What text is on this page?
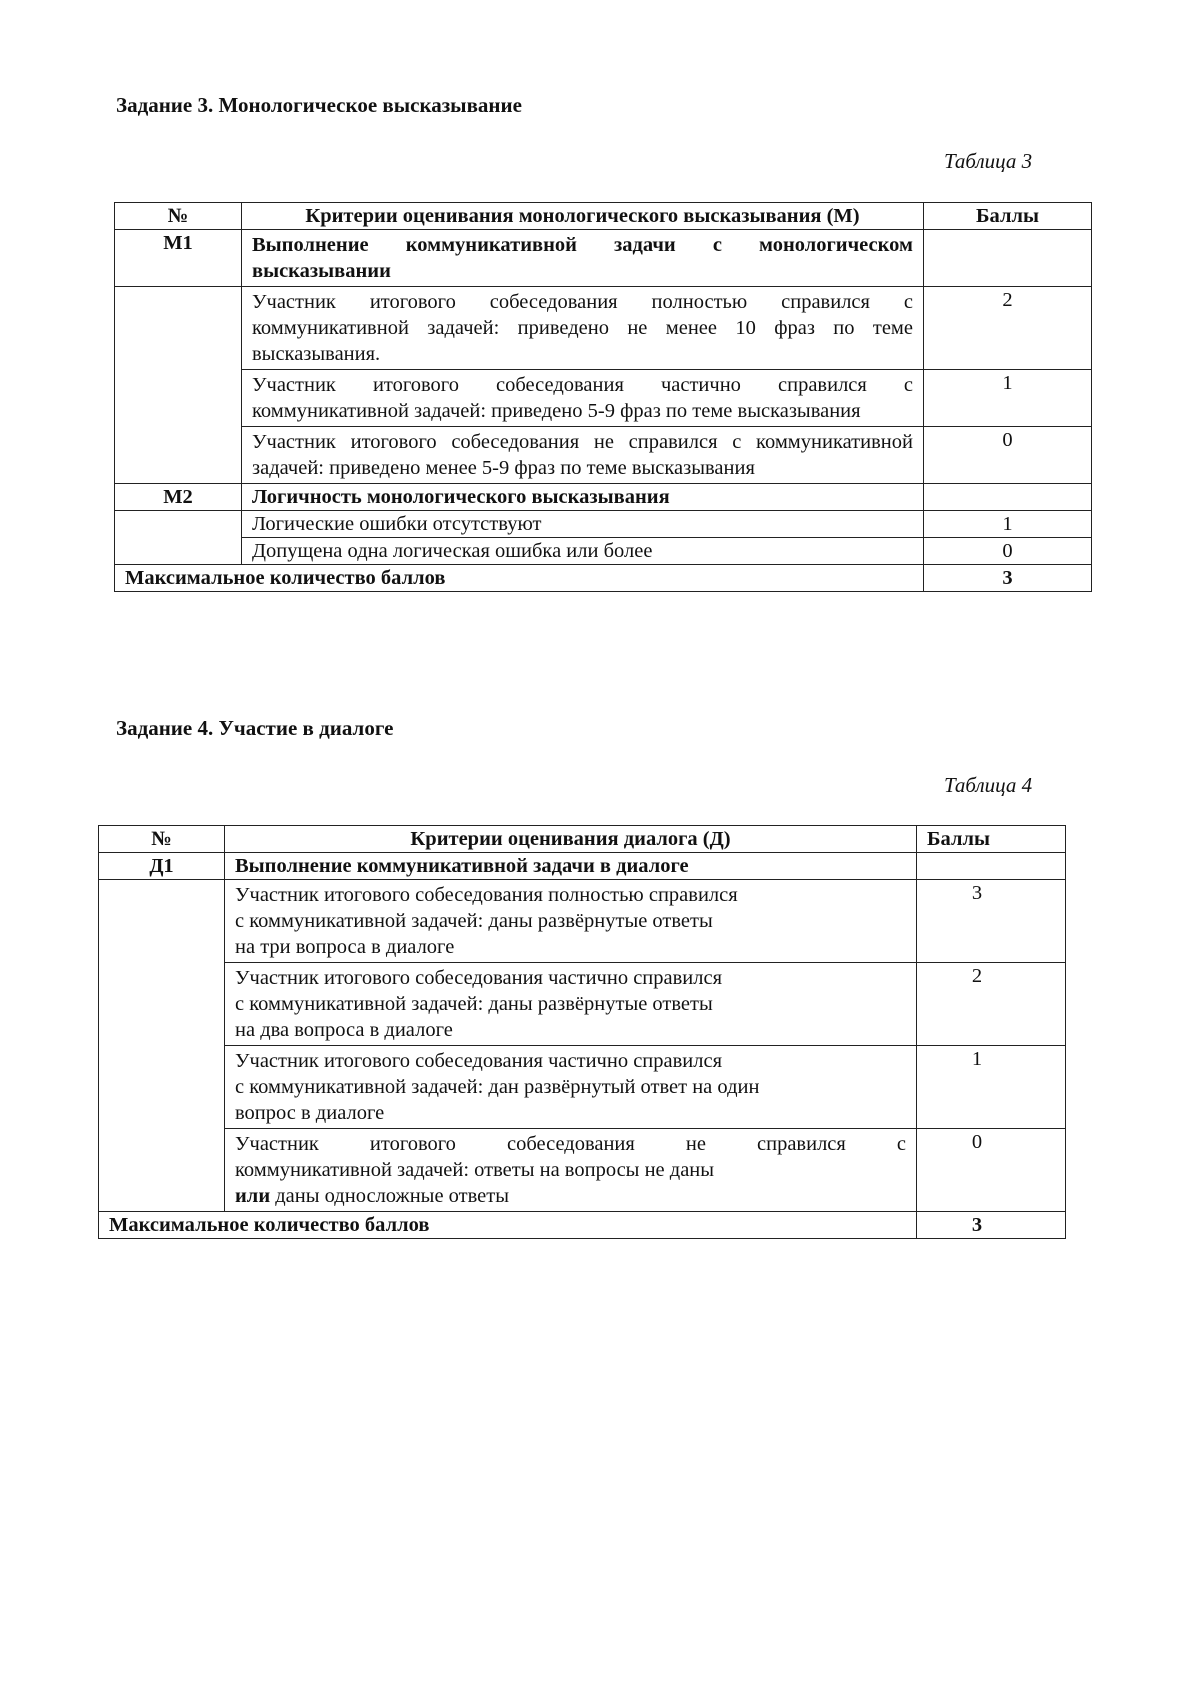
Задание 3. Монологическое высказывание
Таблица 3
№	Критерии оценивания монологического высказывания (М)	Баллы
М1	Выполнение коммуникативной задачи с монологическом высказывании	
	Участник итогового собеседования полностью справился с коммуникативной задачей: приведено не менее 10 фраз по теме высказывания.	2
	Участник итогового собеседования частично справился с коммуникативной задачей: приведено 5-9 фраз по теме высказывания	1
	Участник итогового собеседования не справился с коммуникативной задачей: приведено менее 5-9 фраз по теме высказывания	0
М2	Логичность монологического высказывания	
	Логические ошибки отсутствуют	1
	Допущена одна логическая ошибка или более	0
Максимальное количество баллов		3
Задание 4. Участие в диалоге
Таблица 4
№	Критерии оценивания диалога (Д)	Баллы
Д1	Выполнение коммуникативной задачи в диалоге	

	Участник итогового собеседования полностью справился
с коммуникативной задачей: даны развёрнутые ответы
на три вопроса в диалоге	3

	Участник итогового собеседования частично справился
с коммуникативной задачей: даны развёрнутые ответы
на два вопроса в диалоге	2

	Участник итогового собеседования частично справился
с коммуникативной задачей: дан развёрнутый ответ на один
вопрос в диалоге	1

	Участник итогового собеседования не справился с
коммуникативной задачей: ответы на вопросы не даны
или даны односложные ответы	0
Максимальное количество баллов		3
